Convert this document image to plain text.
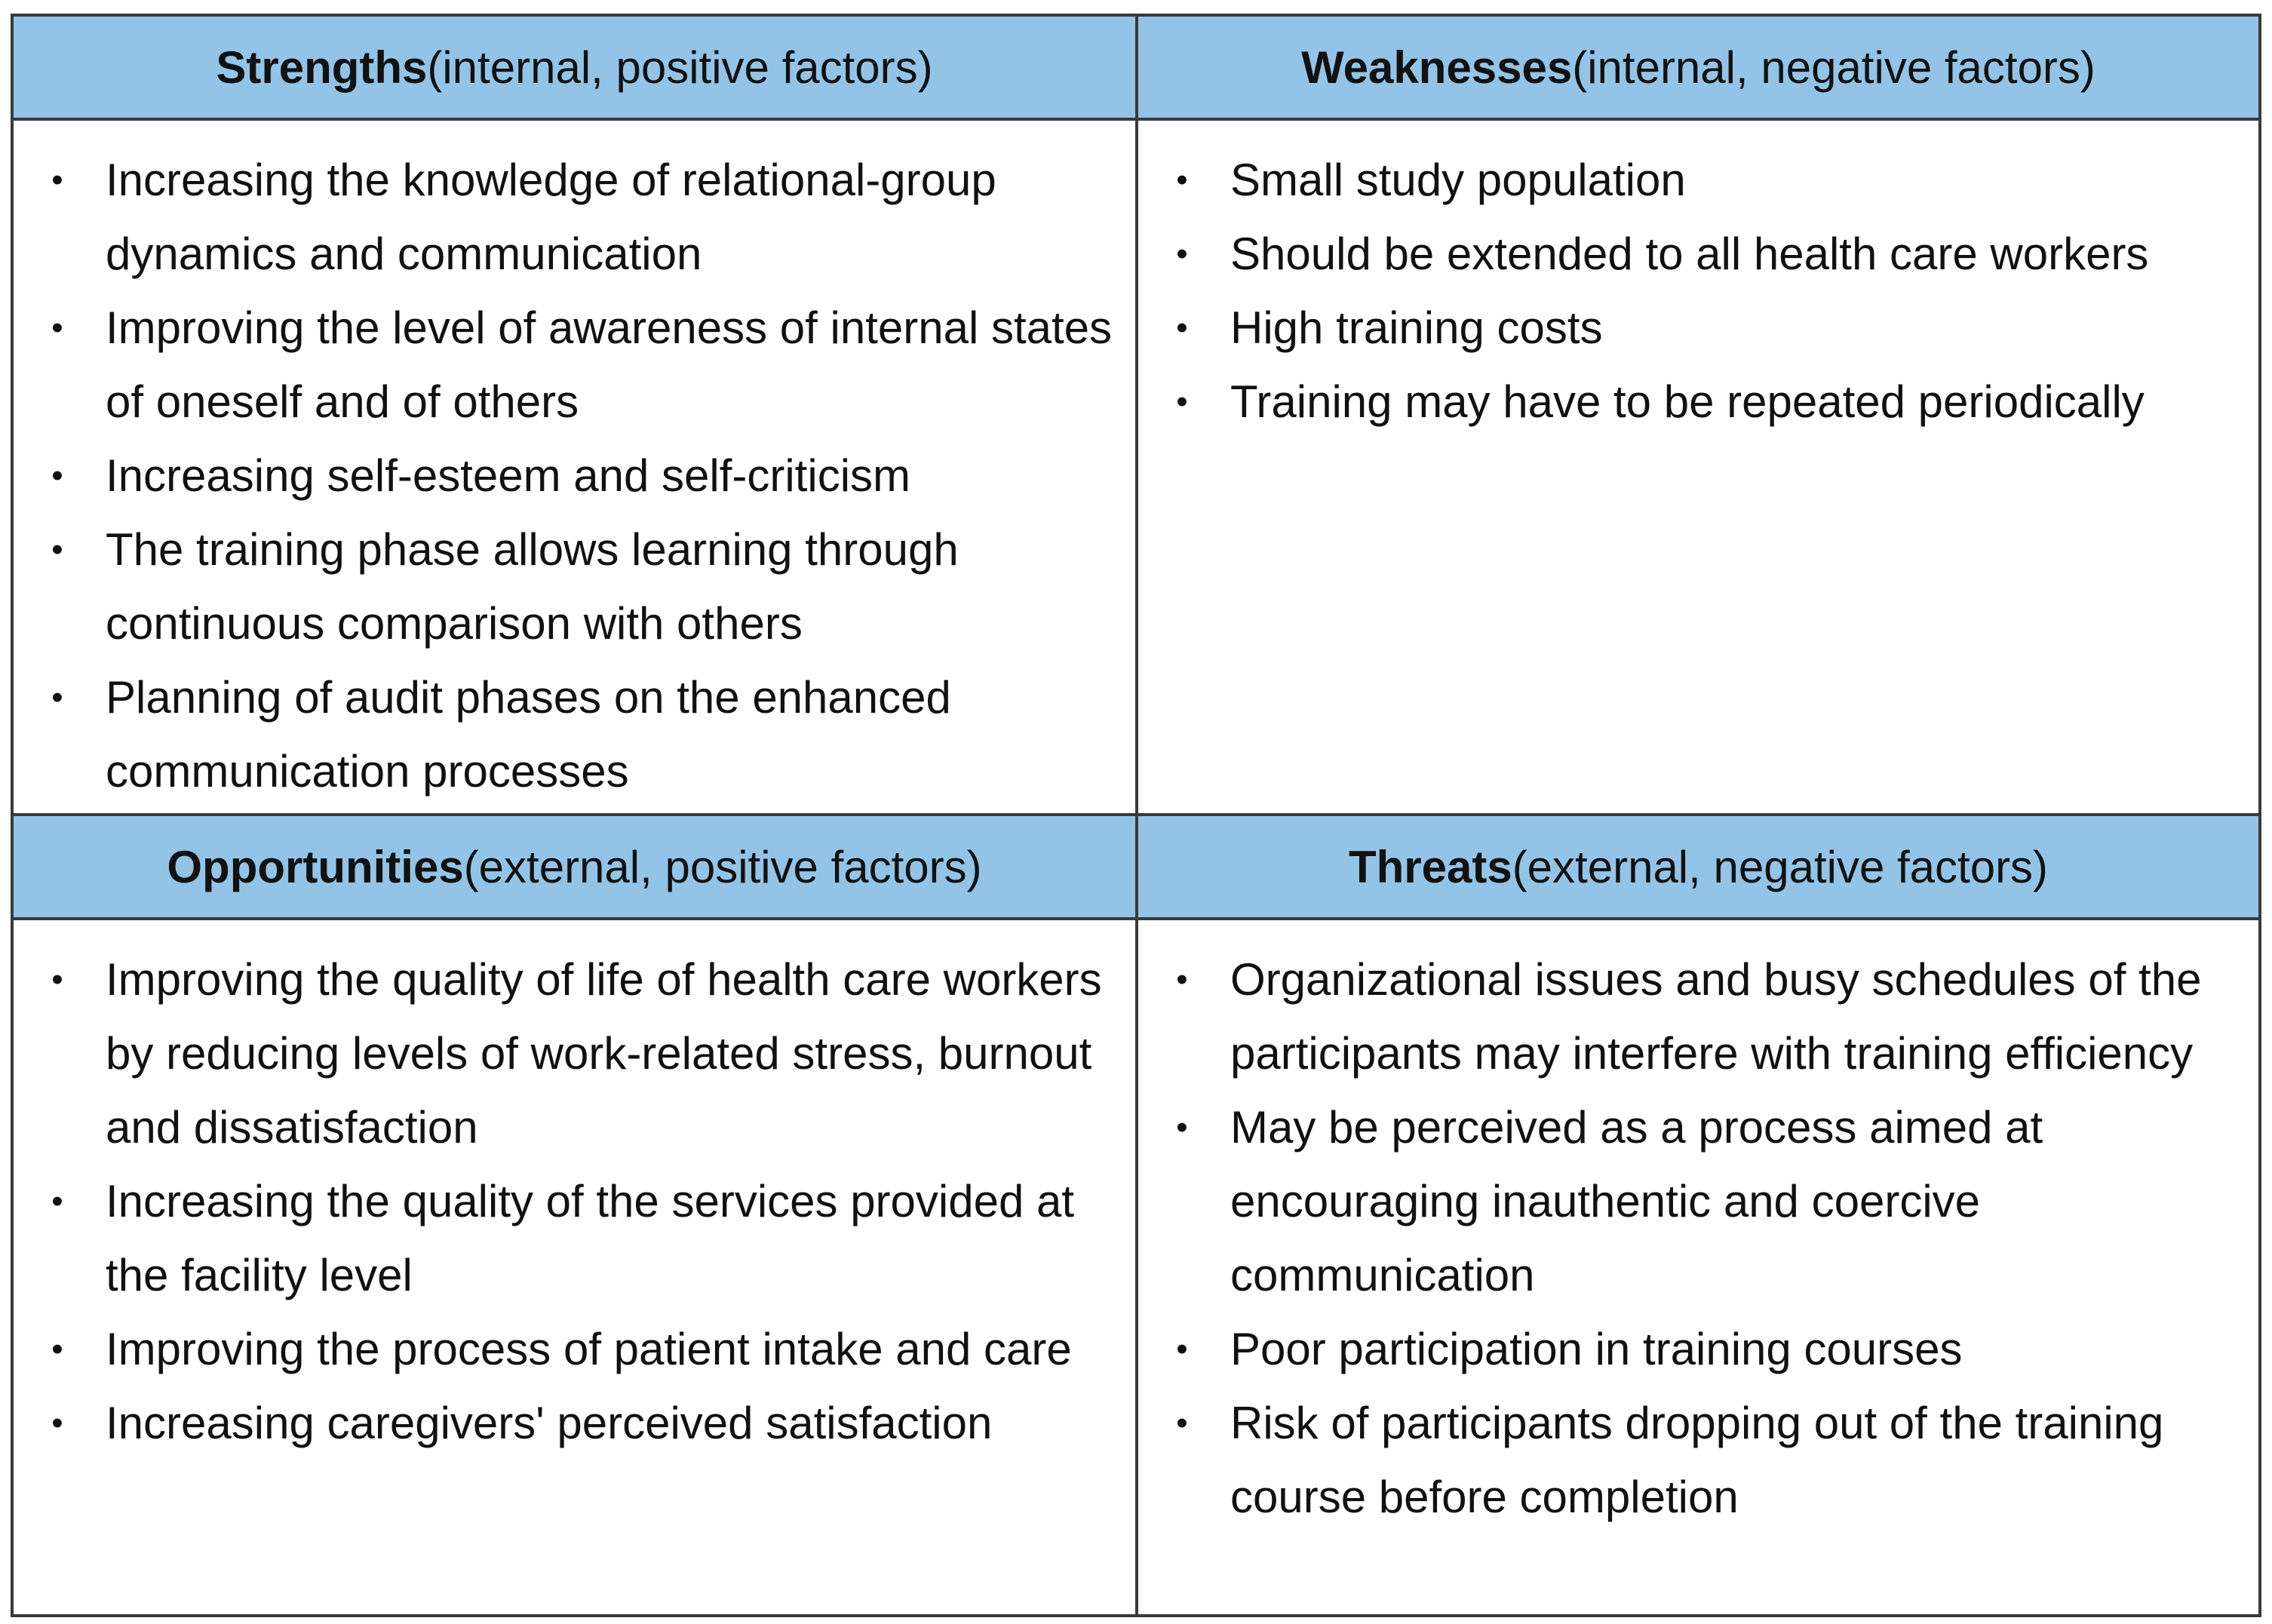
Strengths (internal, positive factors)	Weaknesses (internal, negative factors)
• Increasing the knowledge of relational-group dynamics and communication
• Improving the level of awareness of internal states of oneself and of others
• Increasing self-esteem and self-criticism
• The training phase allows learning through continuous comparison with others
• Planning of audit phases on the enhanced communication processes
• Small study population
• Should be extended to all health care workers
• High training costs
• Training may have to be repeated periodically
Opportunities (external, positive factors)	Threats (external, negative factors)
• Improving the quality of life of health care workers by reducing levels of work-related stress, burnout and dissatisfaction
• Increasing the quality of the services provided at the facility level
• Improving the process of patient intake and care
• Increasing caregivers' perceived satisfaction
• Organizational issues and busy schedules of the participants may interfere with training efficiency
• May be perceived as a process aimed at encouraging inauthentic and coercive communication
• Poor participation in training courses
• Risk of participants dropping out of the training course before completion
